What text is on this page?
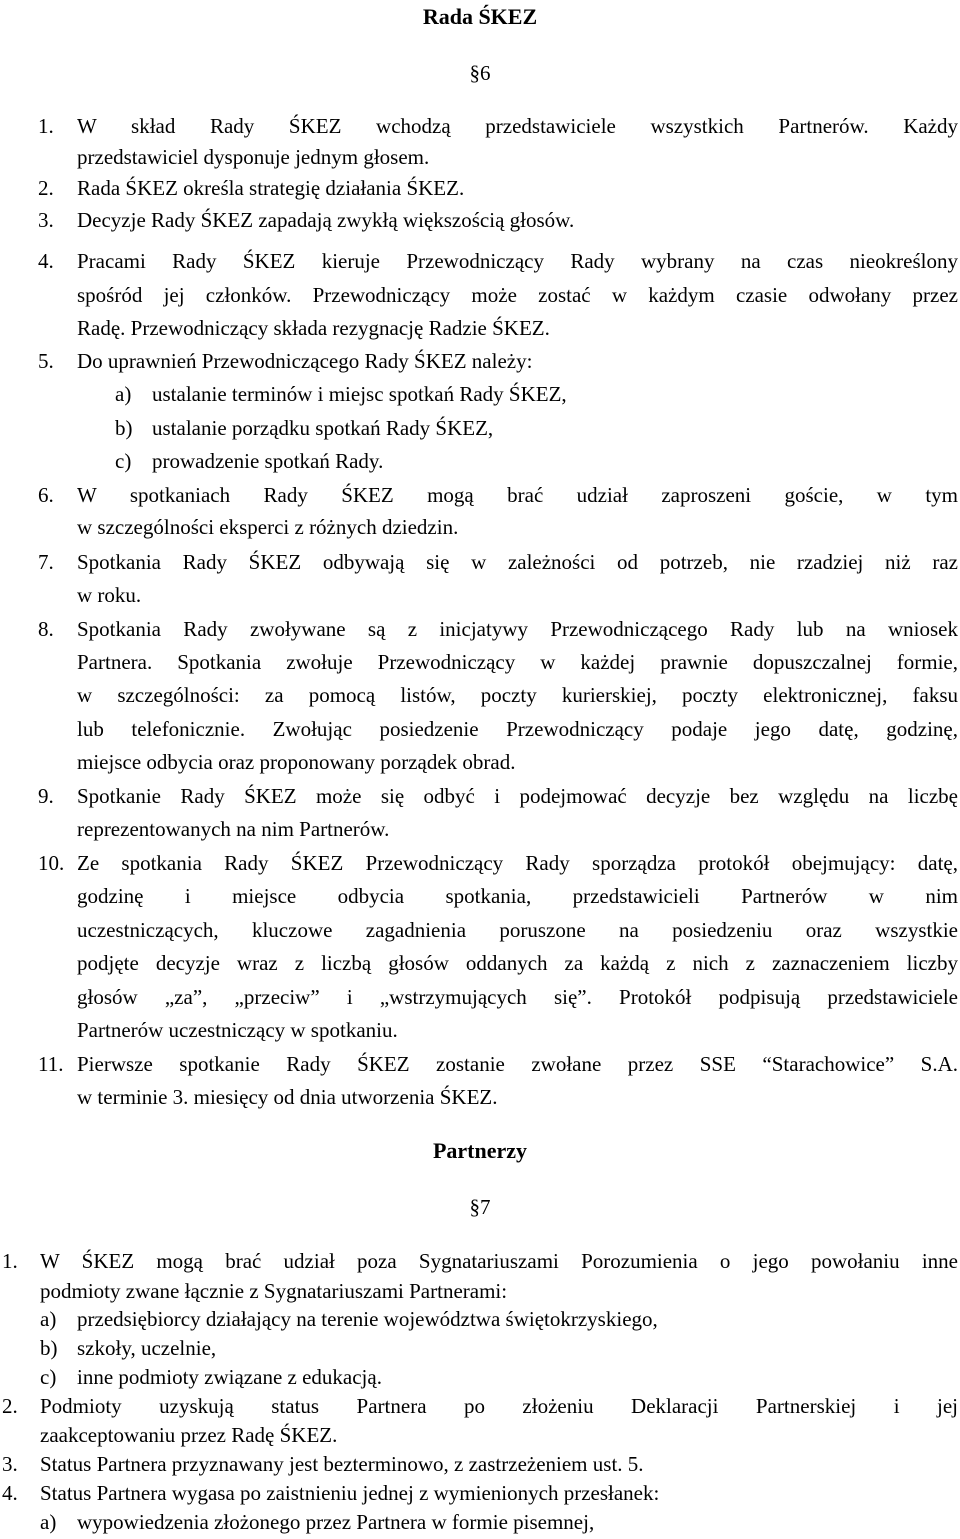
Rada ŚKEZ
§6
1. W skład Rady ŚKEZ wchodzą przedstawiciele wszystkich Partnerów. Każdy
przedstawiciel dysponuje jednym głosem.
2. Rada ŚKEZ określa strategię działania ŚKEZ.
3. Decyzje Rady ŚKEZ zapadają zwykłą większością głosów.
4. Pracami Rady ŚKEZ kieruje Przewodniczący Rady wybrany na czas nieokreślony
spośród jej członków. Przewodniczący może zostać w każdym czasie odwołany przez
Radę. Przewodniczący składa rezygnację Radzie ŚKEZ.
5. Do uprawnień Przewodniczącego Rady ŚKEZ należy:
a) ustalanie terminów i miejsc spotkań Rady ŚKEZ,
b) ustalanie porządku spotkań Rady ŚKEZ,
c) prowadzenie spotkań Rady.
6. W spotkaniach Rady ŚKEZ mogą brać udział zaproszeni goście, w tym
w szczególności eksperci z różnych dziedzin.
7. Spotkania Rady ŚKEZ odbywają się w zależności od potrzeb, nie rzadziej niż raz
w roku.
8. Spotkania Rady zwoływane są z inicjatywy Przewodniczącego Rady lub na wniosek
Partnera. Spotkania zwołuje Przewodniczący w każdej prawnie dopuszczalnej formie,
w szczególności: za pomocą listów, poczty kurierskiej, poczty elektronicznej, faksu
lub telefonicznie. Zwołując posiedzenie Przewodniczący podaje jego datę, godzinę,
miejsce odbycia oraz proponowany porządek obrad.
9. Spotkanie Rady ŚKEZ może się odbyć i podejmować decyzje bez względu na liczbę
reprezentowanych na nim Partnerów.
10. Ze spotkania Rady ŚKEZ Przewodniczący Rady sporządza protokół obejmujący: datę,
godzinę i miejsce odbycia spotkania, przedstawicieli Partnerów w nim
uczestniczących, kluczowe zagadnienia poruszone na posiedzeniu oraz wszystkie
podjęte decyzje wraz z liczbą głosów oddanych za każdą z nich z zaznaczeniem liczby
głosów „za”, „przeciw” i „wstrzymujących się”. Protokół podpisują przedstawiciele
Partnerów uczestniczący w spotkaniu.
11. Pierwsze spotkanie Rady ŚKEZ zostanie zwołane przez SSE “Starachowice” S.A.
w terminie 3. miesięcy od dnia utworzenia ŚKEZ.
Partnerzy
§7
1. W ŚKEZ mogą brać udział poza Sygnatariuszami Porozumienia o jego powołaniu inne
podmioty zwane łącznie z Sygnatariuszami Partnerami:
a) przedsiębiorcy działający na terenie województwa świętokrzyskiego,
b) szkoły, uczelnie,
c) inne podmioty związane z edukacją.
2. Podmioty uzyskują status Partnera po złożeniu Deklaracji Partnerskiej i jej
zaakceptowaniu przez Radę ŚKEZ.
3. Status Partnera przyznawany jest bezterminowo, z zastrzeżeniem ust. 5.
4. Status Partnera wygasa po zaistnieniu jednej z wymienionych przesłanek:
a) wypowiedzenia złożonego przez Partnera w formie pisemnej,
